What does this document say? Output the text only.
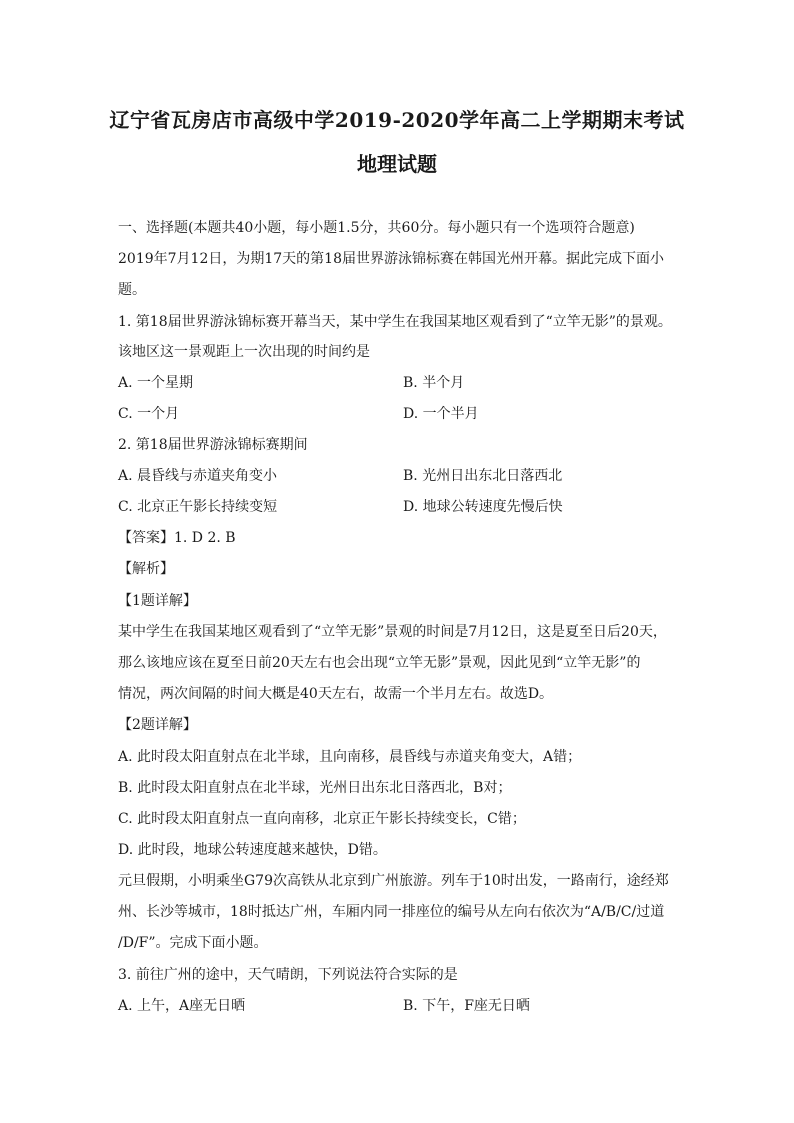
辽宁省瓦房店市高级中学2019-2020学年高二上学期期末考试
地理试题
一、选择题(本题共40小题，每小题1.5分，共60分。每小题只有一个选项符合题意)
2019年7月12日，为期17天的第18届世界游泳锦标赛在韩国光州开幕。据此完成下面小
题。
1. 第18届世界游泳锦标赛开幕当天，某中学生在我国某地区观看到了“立竿无影”的景观。
该地区这一景观距上一次出现的时间约是
A. 一个星期	B. 半个月
C. 一个月	D. 一个半月
2. 第18届世界游泳锦标赛期间
A. 晨昏线与赤道夹角变小	B. 光州日出东北日落西北
C. 北京正午影长持续变短	D. 地球公转速度先慢后快
【答案】1. D 2. B
【解析】
【1题详解】
某中学生在我国某地区观看到了“立竿无影”景观的时间是7月12日，这是夏至日后20天，
那么该地应该在夏至日前20天左右也会出现“立竿无影”景观，因此见到“立竿无影”的
情况，两次间隔的时间大概是40天左右，故需一个半月左右。故选D。
【2题详解】
A. 此时段太阳直射点在北半球，且向南移，晨昏线与赤道夹角变大，A错；
B. 此时段太阳直射点在北半球，光州日出东北日落西北，B对；
C. 此时段太阳直射点一直向南移，北京正午影长持续变长，C错；
D. 此时段，地球公转速度越来越快，D错。
元旦假期，小明乘坐G79次高铁从北京到广州旅游。列车于10时出发，一路南行，途经郑
州、长沙等城市，18时抵达广州，车厢内同一排座位的编号从左向右依次为“A/B/C/过道
/D/F”。完成下面小题。
3. 前往广州的途中，天气晴朗，下列说法符合实际的是
A. 上午，A座无日晒	B. 下午，F座无日晒
